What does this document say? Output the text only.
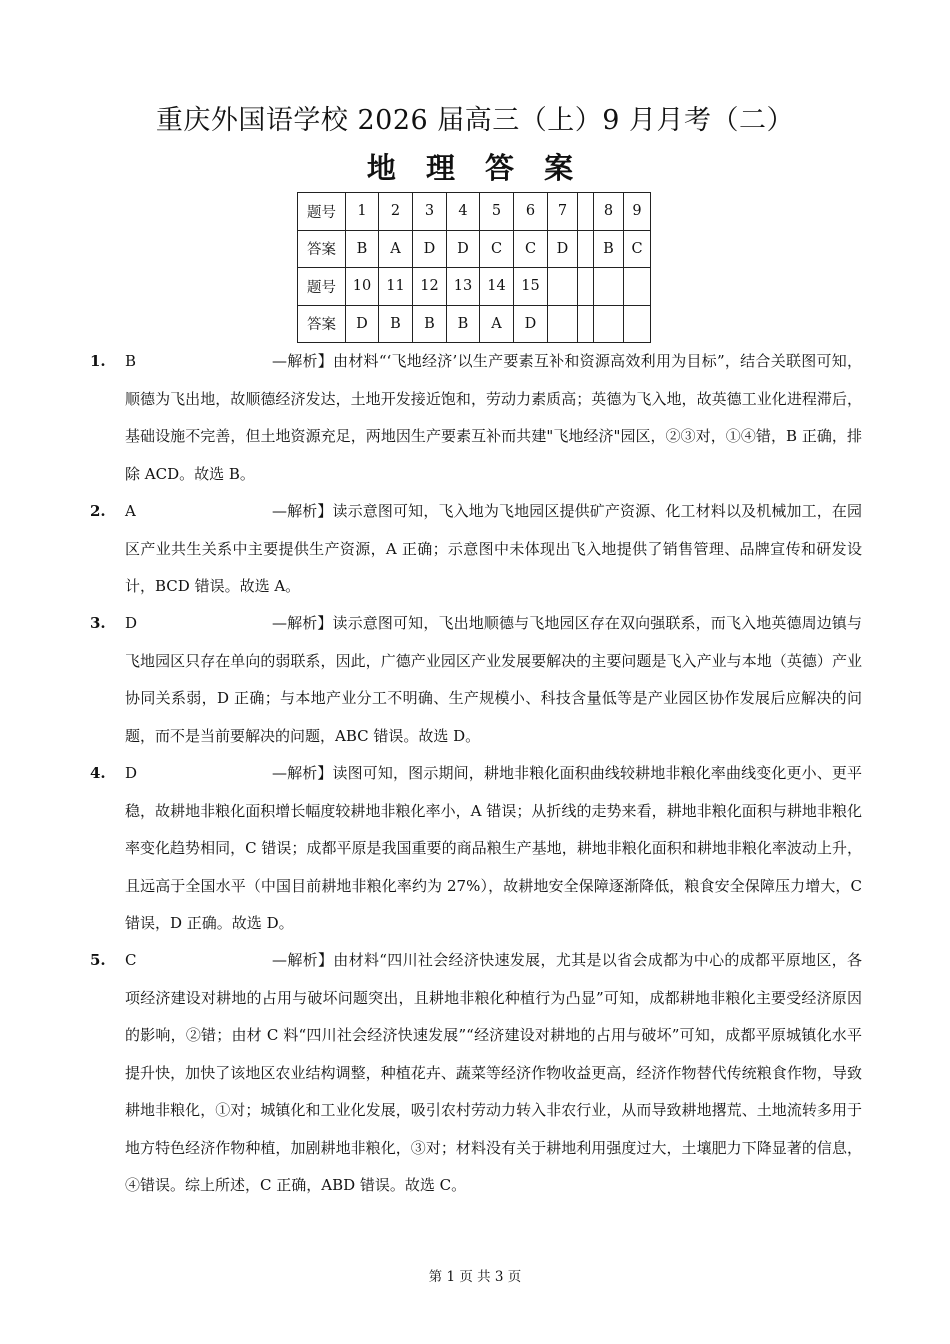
重庆外国语学校 2026 届高三（上）9 月月考（二）
地 理 答 案
题号	1	2	3	4	5	6	7		8	9
答案	B	A	D	D	C	C	D		B	C
题号	10	11	12	13	14	15				
答案	D	B	B	B	A	D				
1. B	—解析】由材料“‘飞地经济’以生产要素互补和资源高效利用为目标”，结合关联图可知，顺德为飞出地，故顺德经济发达，土地开发接近饱和，劳动力素质高；英德为飞入地，故英德工业化进程滞后，基础设施不完善，但土地资源充足，两地因生产要素互补而共建"飞地经济"园区，②③对，①④错，B 正确，排除 ACD。故选 B。
2. A	—解析】读示意图可知，飞入地为飞地园区提供矿产资源、化工材料以及机械加工，在园区产业共生关系中主要提供生产资源，A 正确；示意图中未体现出飞入地提供了销售管理、品牌宣传和研发设计，BCD 错误。故选 A。
3. D	—解析】读示意图可知，飞出地顺德与飞地园区存在双向强联系，而飞入地英德周边镇与飞地园区只存在单向的弱联系，因此，广德产业园区产业发展要解决的主要问题是飞入产业与本地（英德）产业协同关系弱，D 正确；与本地产业分工不明确、生产规模小、科技含量低等是产业园区协作发展后应解决的问题，而不是当前要解决的问题，ABC 错误。故选 D。
4. D	—解析】读图可知，图示期间，耕地非粮化面积曲线较耕地非粮化率曲线变化更小、更平稳，故耕地非粮化面积增长幅度较耕地非粮化率小，A 错误；从折线的走势来看，耕地非粮化面积与耕地非粮化率变化趋势相同，C 错误；成都平原是我国重要的商品粮生产基地，耕地非粮化面积和耕地非粮化率波动上升，且远高于全国水平（中国目前耕地非粮化率约为 27%），故耕地安全保障逐渐降低，粮食安全保障压力增大，C 错误，D 正确。故选 D。
5. C	—解析】由材料“四川社会经济快速发展，尤其是以省会成都为中心的成都平原地区，各项经济建设对耕地的占用与破坏问题突出，且耕地非粮化种植行为凸显”可知，成都耕地非粮化主要受经济原因的影响，②错；由材 C 料“四川社会经济快速发展”“经济建设对耕地的占用与破坏”可知，成都平原城镇化水平提升快，加快了该地区农业结构调整，种植花卉、蔬菜等经济作物收益更高，经济作物替代传统粮食作物，导致耕地非粮化，①对；城镇化和工业化发展，吸引农村劳动力转入非农行业，从而导致耕地撂荒、土地流转多用于地方特色经济作物种植，加剧耕地非粮化，③对；材料没有关于耕地利用强度过大，土壤肥力下降显著的信息，④错误。综上所述，C 正确，ABD 错误。故选 C。
第 1 页 共 3 页
